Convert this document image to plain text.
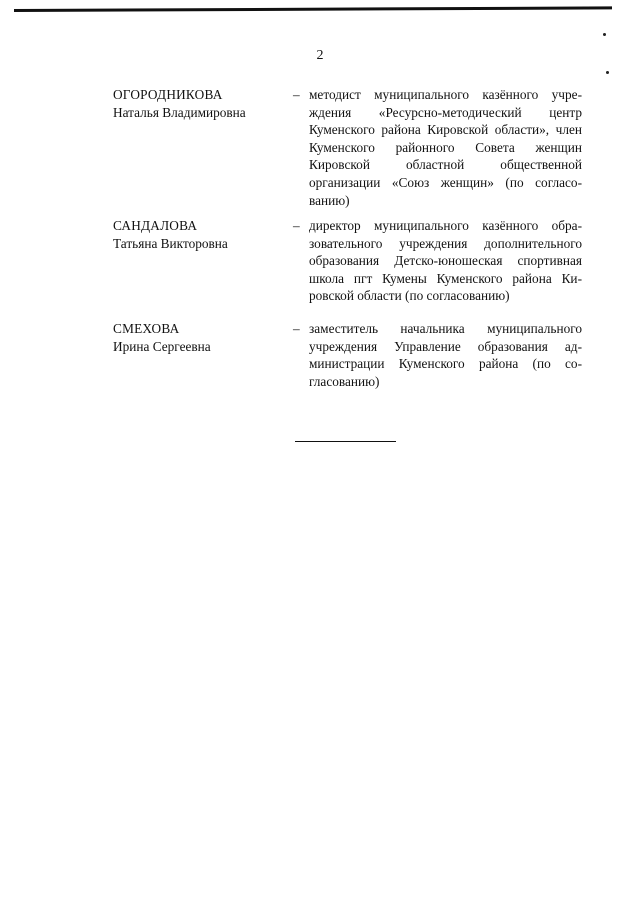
2
ОГОРОДНИКОВА
Наталья Владимировна
– методист муниципального казённого учреждения «Ресурсно-методический центр Куменского района Кировской области», член Куменского районного Совета женщин Кировской областной общественной организации «Союз женщин» (по согласованию)
САНДАЛОВА
Татьяна Викторовна
– директор муниципального казённого образовательного учреждения дополнительного образования Детско-юношеская спортивная школа пгт Кумены Куменского района Кировской области (по согласованию)
СМЕХОВА
Ирина Сергеевна
– заместитель начальника муниципального учреждения Управление образования администрации Куменского района (по согласованию)
